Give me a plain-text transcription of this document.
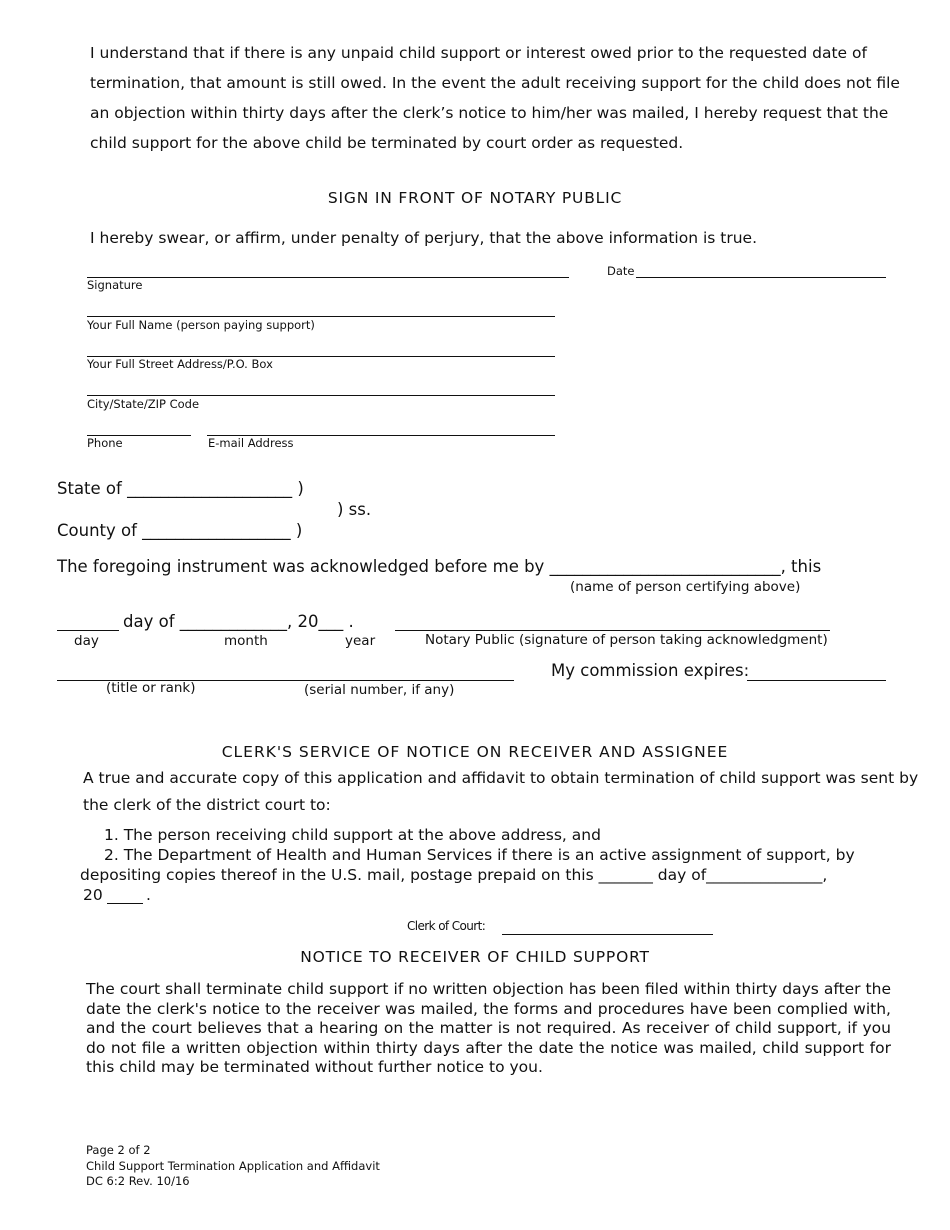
I understand that if there is any unpaid child support or interest owed prior to the requested date of
termination, that amount is still owed. In the event the adult receiving support for the child does not file
an objection within thirty days after the clerk’s notice to him/her was mailed, I hereby request that the
child support for the above child be terminated by court order as requested.
SIGN IN FRONT OF NOTARY PUBLIC
I hereby swear, or affirm, under penalty of perjury, that the above information is true.
Signature
Date
Your Full Name (person paying support)
Your Full Street Address/P.O. Box
City/State/ZIP Code
Phone	E-mail Address
State of ____________________ )
) ss.
County of __________________ )
The foregoing instrument was acknowledged before me by ____________________________, this
(name of person certifying above)
day of _____________, 20___ .
day	month	year	Notary Public (signature of person taking acknowledgment)
(title or rank)	(serial number, if any)
My commission expires:
CLERK'S SERVICE OF NOTICE ON RECEIVER AND ASSIGNEE
A true and accurate copy of this application and affidavit to obtain termination of child support was sent by
the clerk of the district court to:
1. The person receiving child support at the above address, and
2. The Department of Health and Human Services if there is an active assignment of support, by
depositing copies thereof in the U.S. mail, postage prepaid on this _______ day of_______________,
20	.
Clerk of Court:
NOTICE TO RECEIVER OF CHILD SUPPORT
The court shall terminate child support if no written objection has been filed within thirty days after the date the clerk's notice to the receiver was mailed, the forms and procedures have been complied with, and the court believes that a hearing on the matter is not required. As receiver of child support, if you do not file a written objection within thirty days after the date the notice was mailed, child support for this child may be terminated without further notice to you.
Page 2 of 2
Child Support Termination Application and Affidavit
DC 6:2 Rev. 10/16
